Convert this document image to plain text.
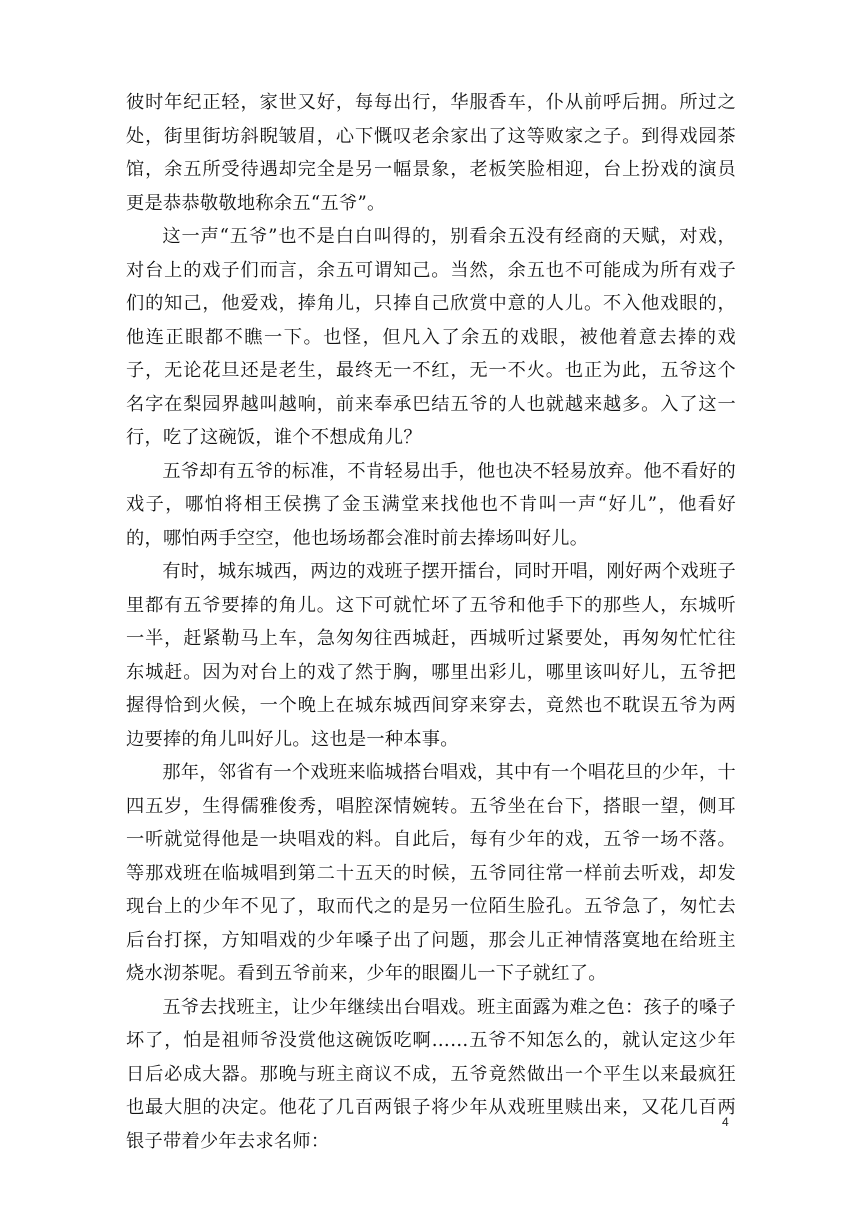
彼时年纪正轻，家世又好，每每出行，华服香车，仆从前呼后拥。所过之处，街里街坊斜睨皱眉，心下慨叹老余家出了这等败家之子。到得戏园茶馆，余五所受待遇却完全是另一幅景象，老板笑脸相迎，台上扮戏的演员更是恭恭敬敬地称余五“五爷”。

这一声“五爷”也不是白白叫得的，别看余五没有经商的天赋，对戏，对台上的戏子们而言，余五可谓知己。当然，余五也不可能成为所有戏子们的知己，他爱戏，捧角儿，只捧自己欣赏中意的人儿。不入他戏眼的，他连正眼都不瞧一下。也怪，但凡入了余五的戏眼，被他着意去捧的戏子，无论花旦还是老生，最终无一不红，无一不火。也正为此，五爷这个名字在梨园界越叫越响，前来奉承巴结五爷的人也就越来越多。入了这一行，吃了这碗饭，谁个不想成角儿？

五爷却有五爷的标准，不肯轻易出手，他也决不轻易放弃。他不看好的戏子，哪怕将相王侯携了金玉满堂来找他也不肯叫一声“好儿”，他看好的，哪怕两手空空，他也场场都会准时前去捧场叫好儿。

有时，城东城西，两边的戏班子摆开擂台，同时开唱，刚好两个戏班子里都有五爷要捧的角儿。这下可就忙坏了五爷和他手下的那些人，东城听一半，赶紧勒马上车，急匆匆往西城赶，西城听过紧要处，再匆匆忙忙往东城赶。因为对台上的戏了然于胸，哪里出彩儿，哪里该叫好儿，五爷把握得恰到火候，一个晚上在城东城西间穿来穿去，竟然也不耽误五爷为两边要捧的角儿叫好儿。这也是一种本事。

那年，邻省有一个戏班来临城搭台唱戏，其中有一个唱花旦的少年，十四五岁，生得儒雅俊秀，唱腔深情婉转。五爷坐在台下，搭眼一望，侧耳一听就觉得他是一块唱戏的料。自此后，每有少年的戏，五爷一场不落。等那戏班在临城唱到第二十五天的时候，五爷同往常一样前去听戏，却发现台上的少年不见了，取而代之的是另一位陌生脸孔。五爷急了，匆忙去后台打探，方知唱戏的少年嗓子出了问题，那会儿正神情落寞地在给班主烧水沏茶呢。看到五爷前来，少年的眼圈儿一下子就红了。

五爷去找班主，让少年继续出台唱戏。班主面露为难之色：孩子的嗓子坏了，怕是祖师爷没赏他这碗饭吃啊……五爷不知怎么的，就认定这少年日后必成大器。那晚与班主商议不成，五爷竟然做出一个平生以来最疯狂也最大胆的决定。他花了几百两银子将少年从戏班里赎出来，又花几百两银子带着少年去求名师：

4
